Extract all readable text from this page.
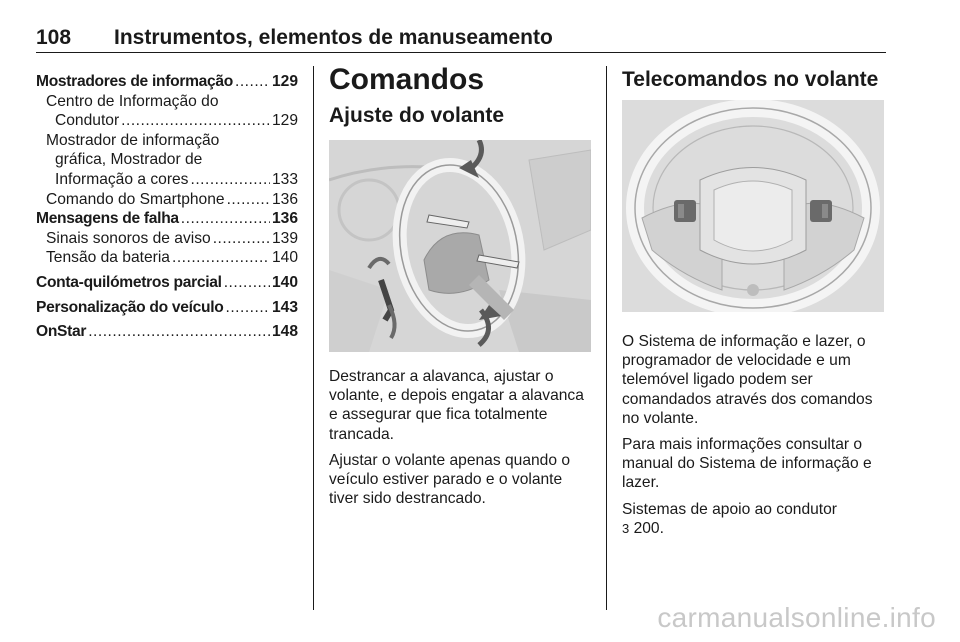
108 Instrumentos, elementos de manuseamento
Mostradores de informação ..... 129
Centro de Informação do
Condutor .....	129
Mostrador de informação
gráfica, Mostrador de
Informação a cores .....	133
Comando do Smartphone .....	136
Mensagens de falha .....	136
Sinais sonoros de aviso .....	139
Tensão da bateria .....	140
Conta-quilómetros parcial .....	140
Personalização do veículo .....	143
OnStar .....	148
Comandos
Ajuste do volante

Destrancar a alavanca, ajustar o volante, e depois engatar a alavanca e assegurar que fica totalmente trancada.

Ajustar o volante apenas quando o veículo estiver parado e o volante tiver sido destrancado.

Telecomandos no volante

O Sistema de informação e lazer, o programador de velocidade e um telemóvel ligado podem ser comandados através dos comandos no volante.

Para mais informações consultar o manual do Sistema de informação e lazer.

Sistemas de apoio ao condutor
3 200.

carmanualsonline.info
